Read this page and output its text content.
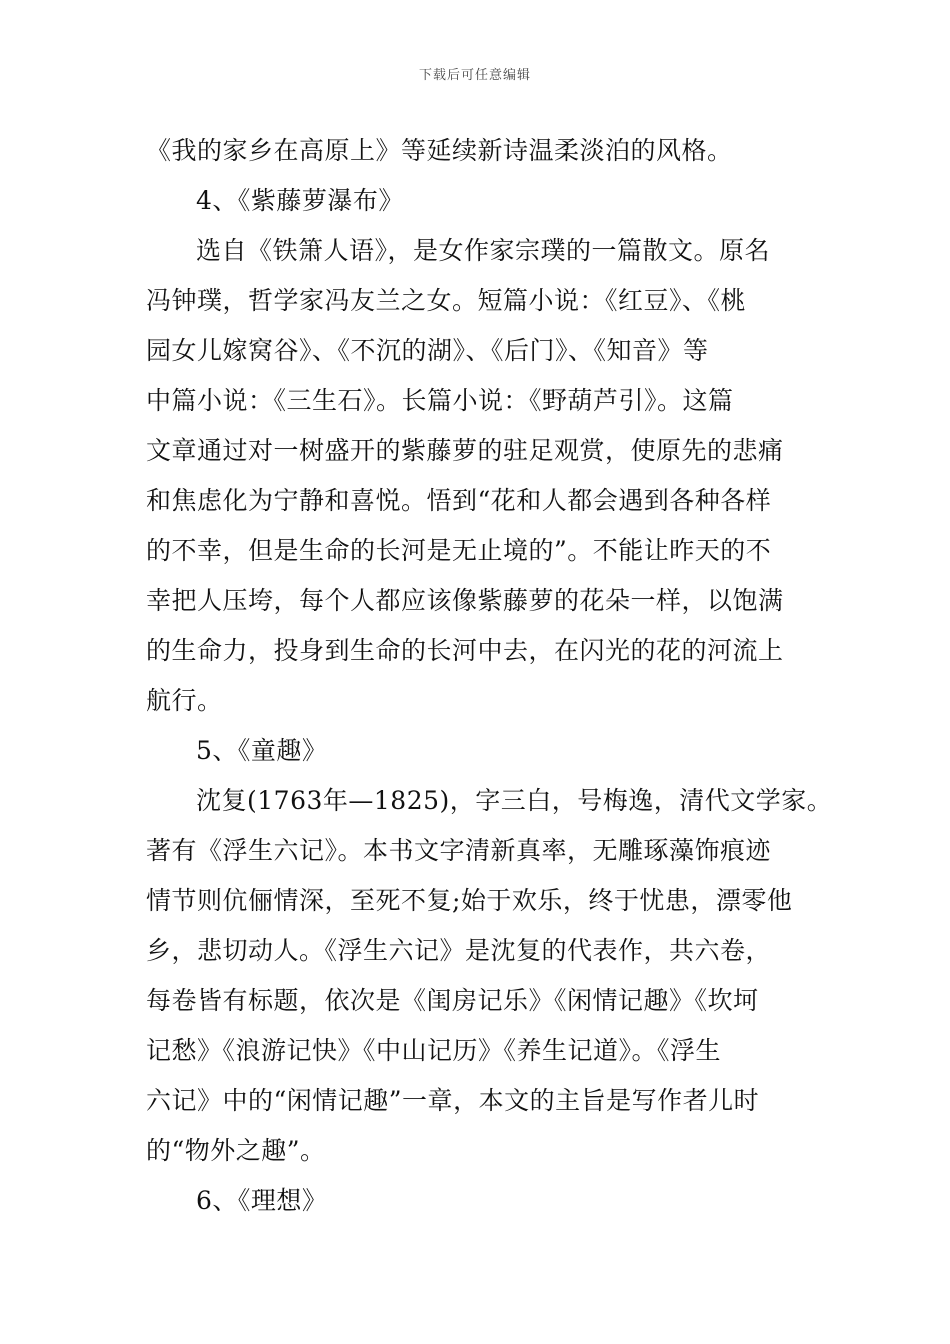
下载后可任意编辑
《我的家乡在高原上》等延续新诗温柔淡泊的风格。
4、《紫藤萝瀑布》
选自《铁箫人语》，是女作家宗璞的一篇散文。原名
冯钟璞，哲学家冯友兰之女。短篇小说：《红豆》、《桃
园女儿嫁窝谷》、《不沉的湖》、《后门》、《知音》等
中篇小说：《三生石》。长篇小说：《野葫芦引》。这篇
文章通过对一树盛开的紫藤萝的驻足观赏，使原先的悲痛
和焦虑化为宁静和喜悦。悟到“花和人都会遇到各种各样
的不幸，但是生命的长河是无止境的”。不能让昨天的不
幸把人压垮，每个人都应该像紫藤萝的花朵一样，以饱满
的生命力，投身到生命的长河中去，在闪光的花的河流上
航行。
5、《童趣》
沈复(1763年—1825)，字三白，号梅逸，清代文学家。
著有《浮生六记》。本书文字清新真率，无雕琢藻饰痕迹
情节则伉俪情深，至死不复;始于欢乐，终于忧患，漂零他
乡，悲切动人。《浮生六记》是沈复的代表作，共六卷，
每卷皆有标题，依次是《闺房记乐》《闲情记趣》《坎坷
记愁》《浪游记快》《中山记历》《养生记道》。《浮生
六记》中的“闲情记趣”一章，本文的主旨是写作者儿时
的“物外之趣”。
6、《理想》
